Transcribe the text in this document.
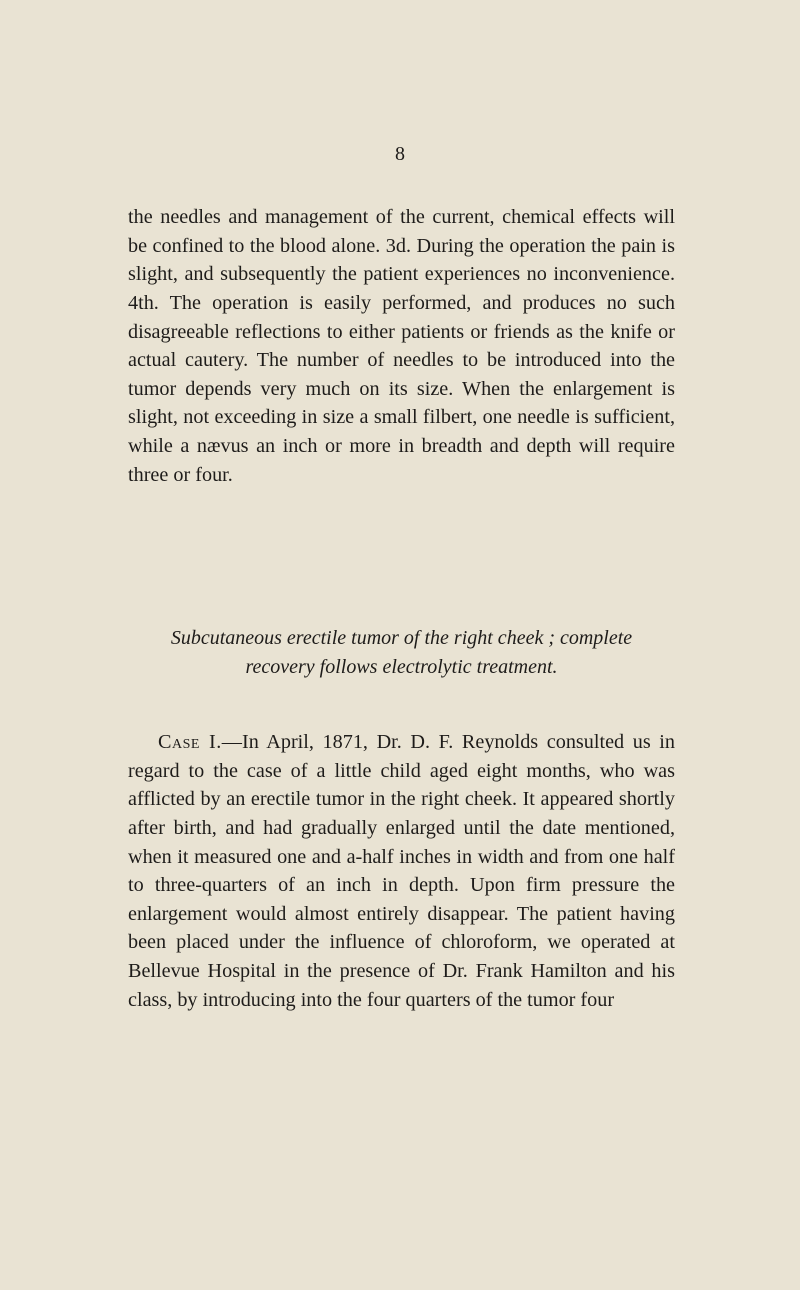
8

the needles and management of the current, chemical effects will be confined to the blood alone. 3d. During the operation the pain is slight, and subsequently the patient experiences no inconvenience. 4th. The operation is easily performed, and produces no such disagreeable reflections to either patients or friends as the knife or actual cautery. The number of needles to be introduced into the tumor depends very much on its size. When the enlargement is slight, not exceeding in size a small filbert, one needle is sufficient, while a nævus an inch or more in breadth and depth will require three or four.

Subcutaneous erectile tumor of the right cheek ; complete
recovery follows electrolytic treatment.

Case I.—In April, 1871, Dr. D. F. Reynolds consulted us in regard to the case of a little child aged eight months, who was afflicted by an erectile tumor in the right cheek. It appeared shortly after birth, and had gradually enlarged until the date mentioned, when it measured one and a-half inches in width and from one half to three-quarters of an inch in depth. Upon firm pressure the enlargement would almost entirely disappear. The patient having been placed under the influence of chloroform, we operated at Bellevue Hospital in the presence of Dr. Frank Hamilton and his class, by introducing into the four quarters of the tumor four
